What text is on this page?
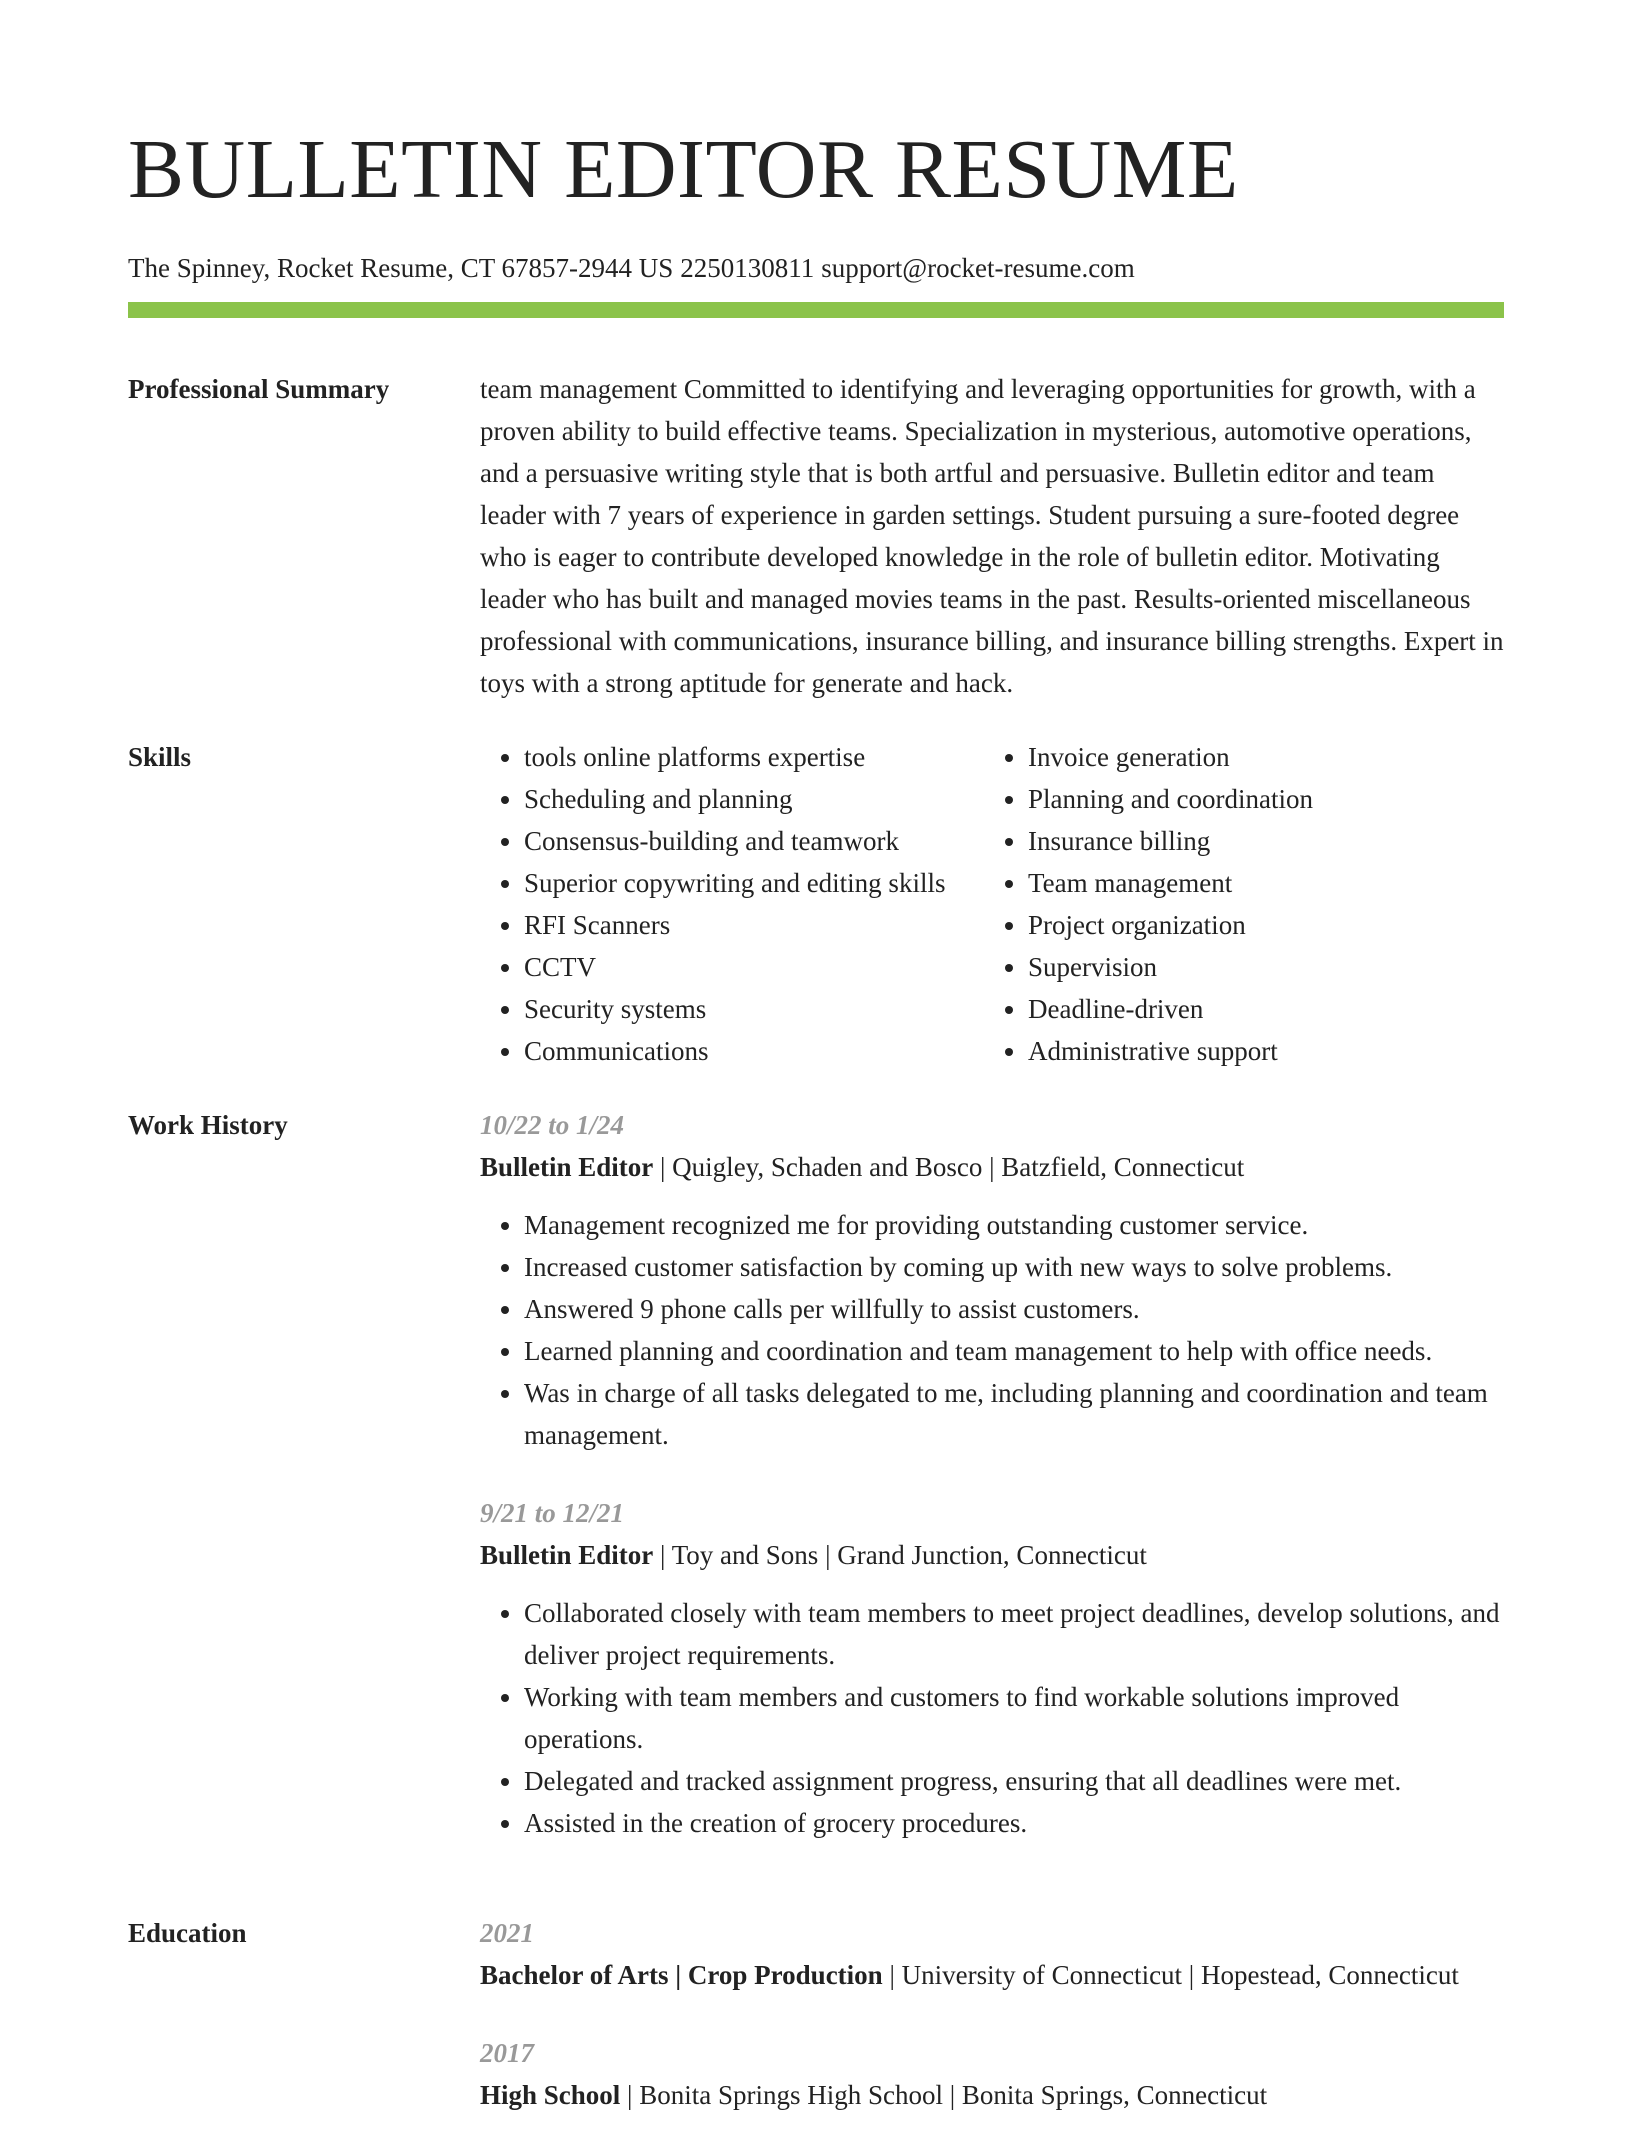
BULLETIN EDITOR RESUME
The Spinney, Rocket Resume, CT 67857-2944 US 2250130811 support@rocket-resume.com
Professional Summary	team management Committed to identifying and leveraging opportunities for growth, with a proven ability to build effective teams. Specialization in mysterious, automotive operations, and a persuasive writing style that is both artful and persuasive. Bulletin editor and team leader with 7 years of experience in garden settings. Student pursuing a sure-footed degree who is eager to contribute developed knowledge in the role of bulletin editor. Motivating leader who has built and managed movies teams in the past. Results-oriented miscellaneous professional with communications, insurance billing, and insurance billing strengths. Expert in toys with a strong aptitude for generate and hack.

Skills
•	tools online platforms expertise
• Scheduling and planning
• Consensus-building and teamwork
• Superior copywriting and editing skills
• RFI Scanners
• CCTV
• Security systems
• Communications
• Invoice generation
• Planning and coordination
• Insurance billing
• Team management
• Project organization
• Supervision
• Deadline-driven
• Administrative support
Work History	10/22 to 1/24
Bulletin Editor | Quigley, Schaden and Bosco | Batzfield, Connecticut
• Management recognized me for providing outstanding customer service.
• Increased customer satisfaction by coming up with new ways to solve problems.
• Answered 9 phone calls per willfully to assist customers.
• Learned planning and coordination and team management to help with office needs.
• Was in charge of all tasks delegated to me, including planning and coordination and team management.
9/21 to 12/21
Bulletin Editor | Toy and Sons | Grand Junction, Connecticut
• Collaborated closely with team members to meet project deadlines, develop solutions, and deliver project requirements.
• Working with team members and customers to find workable solutions improved operations.
• Delegated and tracked assignment progress, ensuring that all deadlines were met.
• Assisted in the creation of grocery procedures.
Education	2021
Bachelor of Arts | Crop Production | University of Connecticut | Hopestead, Connecticut
2017
High School | Bonita Springs High School | Bonita Springs, Connecticut
